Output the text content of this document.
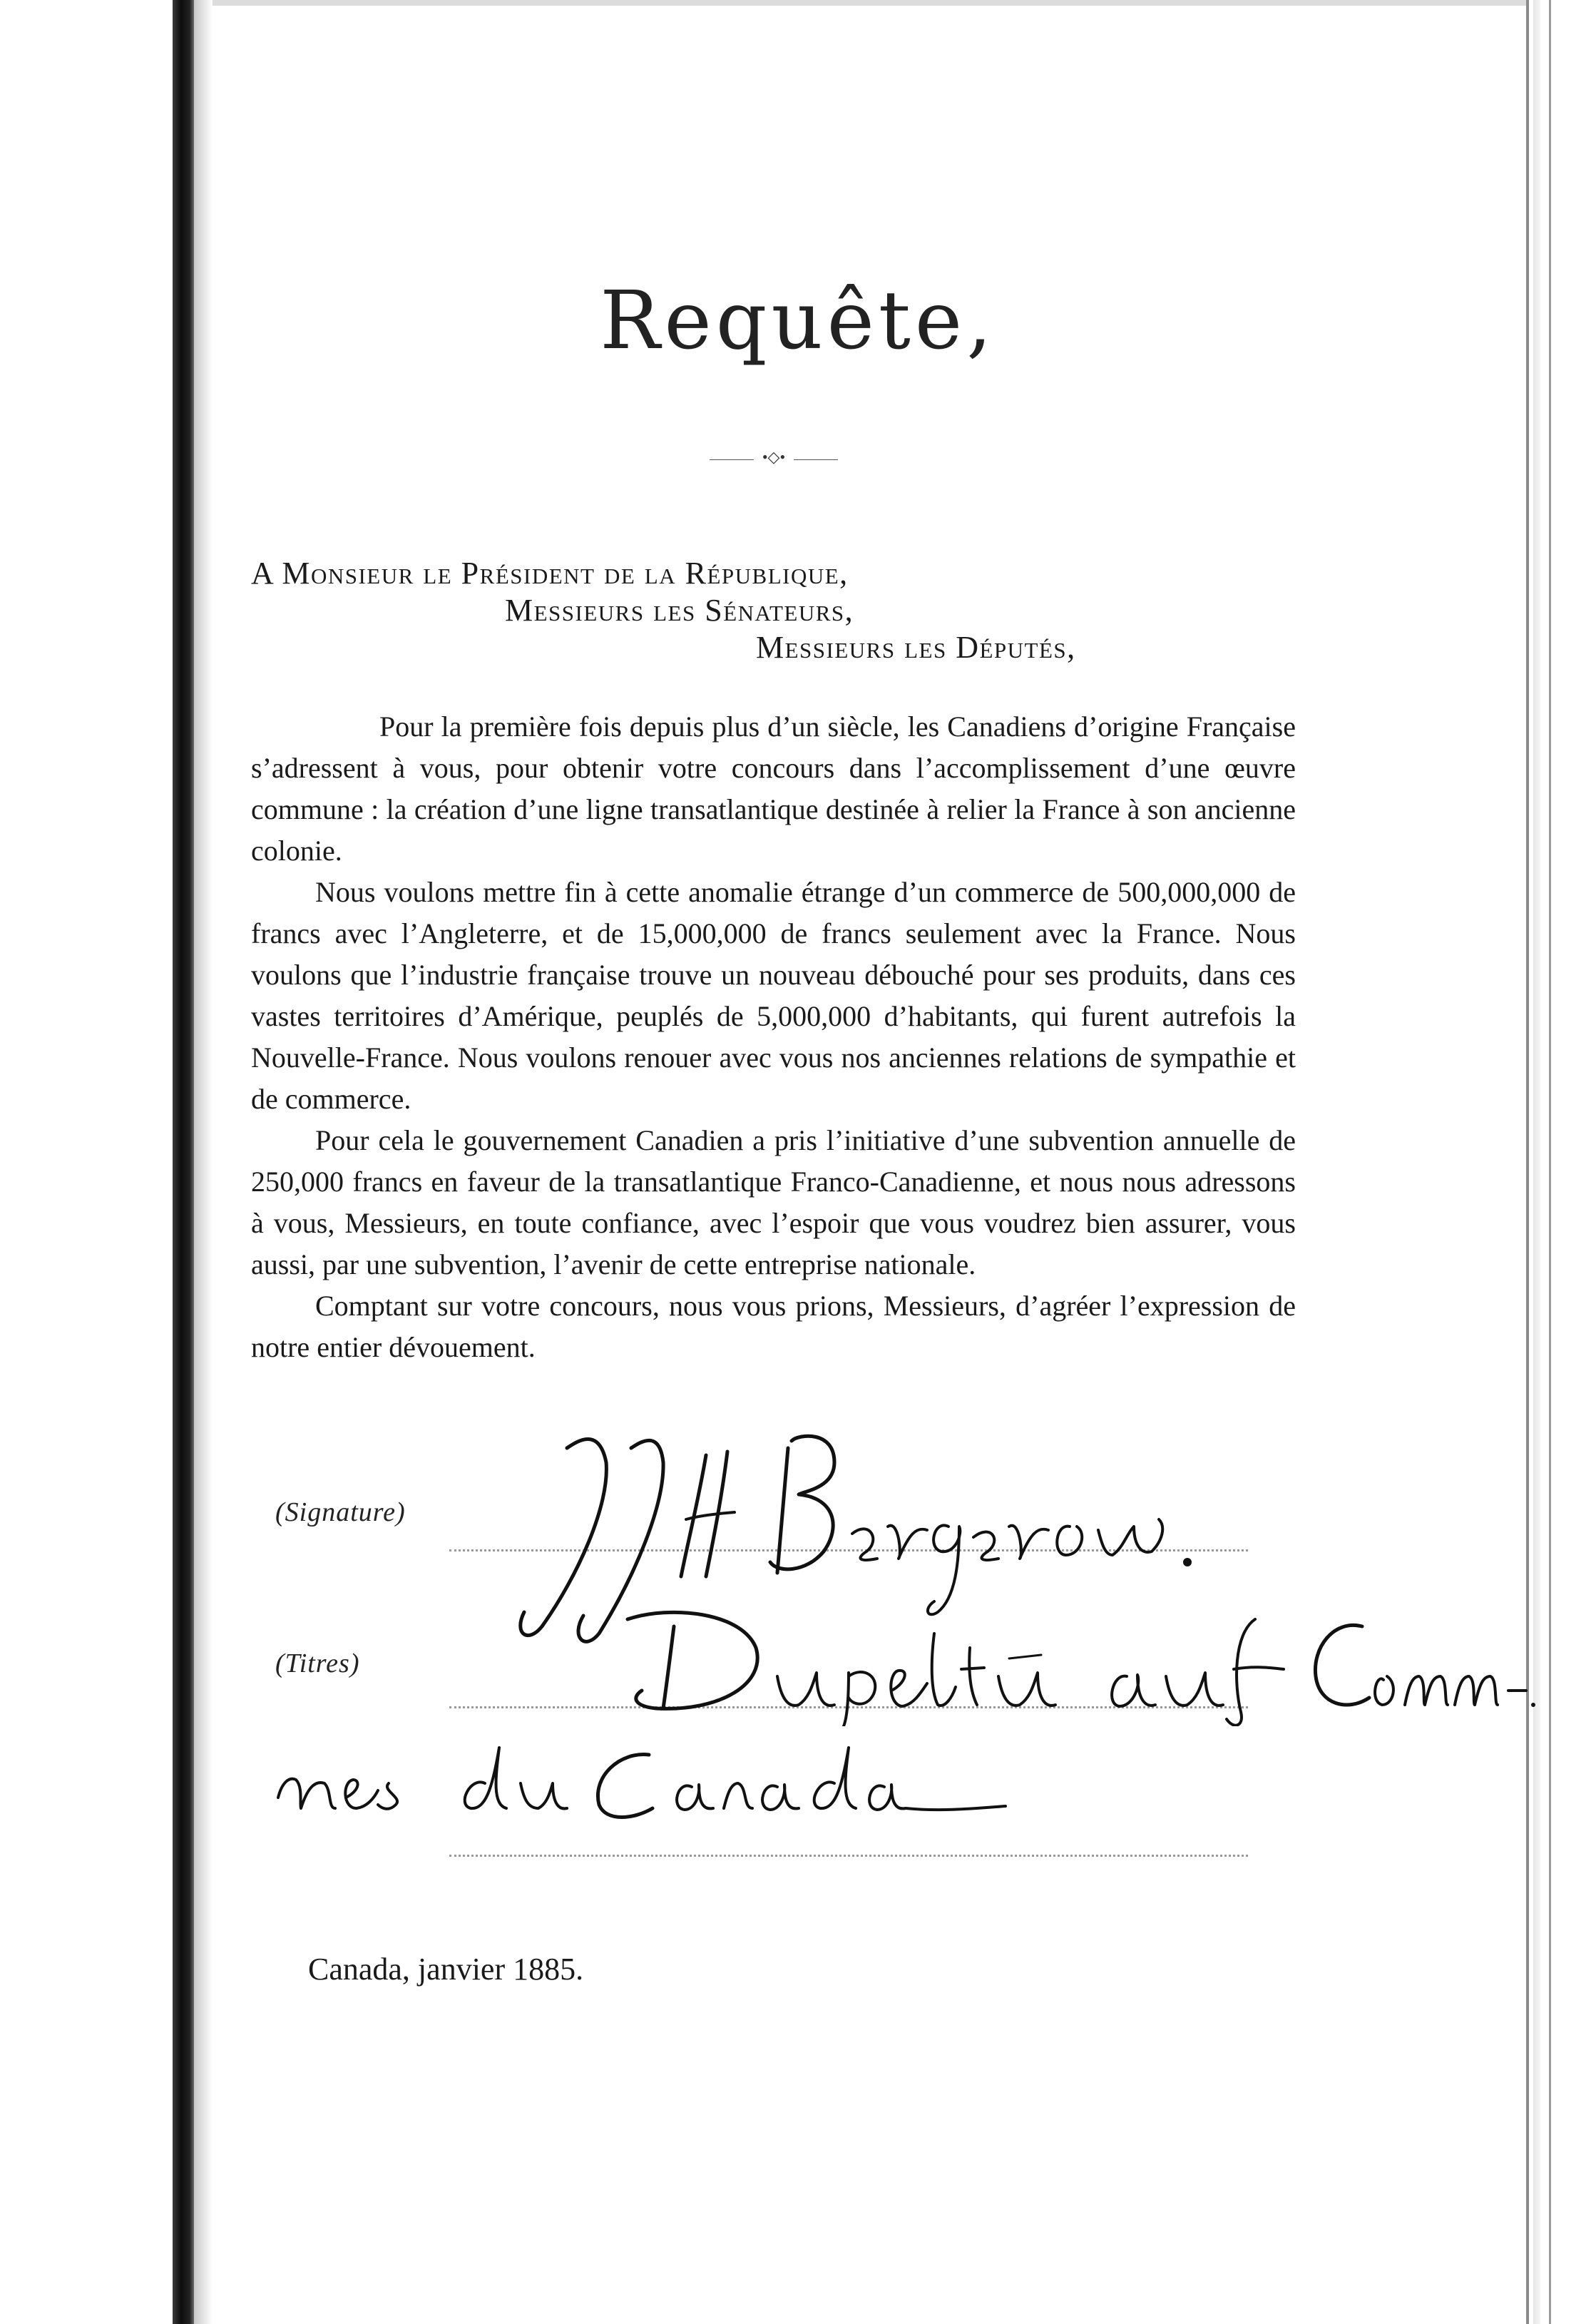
Requête,
•◇•
A Monsieur le Président de la République,
Messieurs les Sénateurs,
Messieurs les Députés,

Pour la première fois depuis plus d’un siècle, les Canadiens d’origine Française s’adressent à vous, pour obtenir votre concours dans l’accomplissement d’une œuvre commune : la création d’une ligne transatlantique destinée à relier la France à son ancienne colonie.

Nous voulons mettre fin à cette anomalie étrange d’un commerce de 500,000,000 de francs avec l’Angleterre, et de 15,000,000 de francs seulement avec la France. Nous voulons que l’industrie française trouve un nouveau débouché pour ses produits, dans ces vastes territoires d’Amérique, peuplés de 5,000,000 d’habitants, qui furent autrefois la Nouvelle-France. Nous voulons renouer avec vous nos anciennes relations de sympathie et de commerce.

Pour cela le gouvernement Canadien a pris l’initiative d’une subvention annuelle de 250,000 francs en faveur de la transatlantique Franco-Canadienne, et nous nous adressons à vous, Messieurs, en toute confiance, avec l’espoir que vous voudrez bien assurer, vous aussi, par une subvention, l’avenir de cette entreprise nationale.

Comptant sur votre concours, nous vous prions, Messieurs, d’agréer l’expression de notre entier dévouement.

(Signature)
(Titres)
Canada, janvier 1885.
